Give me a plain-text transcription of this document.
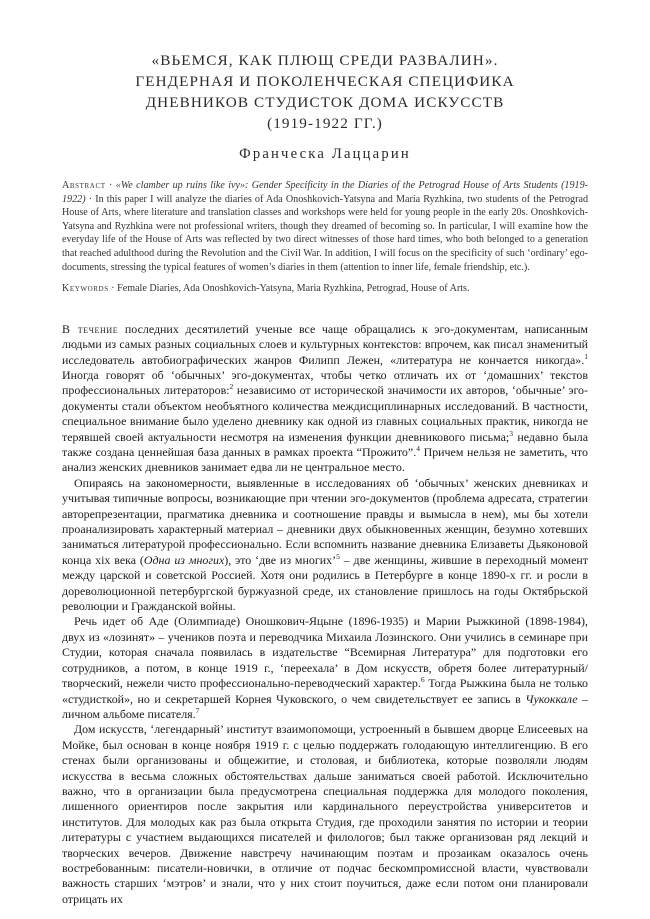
«ВЬЕМСЯ, КАК ПЛЮЩ СРЕДИ РАЗВАЛИН».
ГЕНДЕРНАЯ И ПОКОЛЕНЧЕСКАЯ СПЕЦИФИКА
ДНЕВНИКОВ СТУДИСТОК ДОМА ИСКУССТВ
(1919-1922 ГГ.)
Франческа Лаццарин
Abstract · «We clamber up ruins like ivy»: Gender Specificity in the Diaries of the Petrograd House of Arts Students (1919-1922) · In this paper I will analyze the diaries of Ada Onoshkovich-Yatsyna and Maria Ryzhkina, two students of the Petrograd House of Arts, where literature and translation classes and workshops were held for young people in the early 20s. Onoshkovich-Yatsyna and Ryzhkina were not professional writers, though they dreamed of becoming so. In particular, I will examine how the everyday life of the House of Arts was reflected by two direct witnesses of those hard times, who both belonged to a generation that reached adulthood during the Revolution and the Civil War. In addition, I will focus on the specificity of such ‘ordinary’ ego-documents, stressing the typical features of women’s diaries in them (attention to inner life, female friendship, etc.).
Keywords · Female Diaries, Ada Onoshkovich-Yatsyna, Maria Ryzhkina, Petrograd, House of Arts.

В течение последних десятилетий ученые все чаще обращались к эго-документам, написанным людьми из самых разных социальных слоев и культурных контекстов: впрочем, как писал знаменитый исследователь автобиографических жанров Филипп Лежен, «литература не кончается никогда».$^1$ Иногда говорят об ‘обычных’ эго-документах, чтобы четко отличать их от ‘домашних’ текстов профессиональных литераторов:$^2$ независимо от исторической значимости их авторов, ‘обычные’ эго-документы стали объектом необъятного количества междисциплинарных исследований. В частности, специальное внимание было уделено дневнику как одной из главных социальных практик, никогда не терявшей своей актуальности несмотря на изменения функции дневникового письма;$^3$ недавно была также создана ценнейшая база данных в рамках проекта “Прожито”.$^4$ Причем нельзя не заметить, что анализ женских дневников занимает едва ли не центральное место.

Опираясь на закономерности, выявленные в исследованиях об ‘обычных’ женских дневниках и учитывая типичные вопросы, возникающие при чтении эго-документов (проблема адресата, стратегии авторепрезентации, прагматика дневника и соотношение правды и вымысла в нем), мы бы хотели проанализировать характерный материал – дневники двух обыкновенных женщин, безумно хотевших заниматься литературой профессионально. Если вспомнить название дневника Елизаветы Дьяконовой конца xix века (Одна из многих), это ‘две из многих’$^5$ – две женщины, жившие в переходный момент между царской и советской Россией. Хотя они родились в Петербурге в конце 1890-х гг. и росли в дореволюционной петербургской буржуазной среде, их становление пришлось на годы Октябрьской революции и Гражданской войны.

Речь идет об Аде (Олимпиаде) Оношкович-Яцыне (1896-1935) и Марии Рыжкиной (1898-1984), двух из «лозинят» – учеников поэта и переводчика Михаила Лозинского. Они учились в семинаре при Студии, которая сначала появилась в издательстве “Всемирная Литература” для подготовки его сотрудников, а потом, в конце 1919 г., ‘переехала’ в Дом искусств, обретя более литературный/творческий, нежели чисто профессионально-переводческий характер.$^6$ Тогда Рыжкина была не только «студисткой», но и секретаршей Корнея Чуковского, о чем свидетельствует ее запись в Чукоккале – личном альбоме писателя.$^7$

Дом искусств, ‘легендарный’ институт взаимопомощи, устроенный в бывшем дворце Елисеевых на Мойке, был основан в конце ноября 1919 г. с целью поддержать голодающую интеллигенцию. В его стенах были организованы и общежитие, и столовая, и библиотека, которые позволяли людям искусства в весьма сложных обстоятельствах дальше заниматься своей работой. Исключительно важно, что в организации была предусмотрена специальная поддержка для молодого поколения, лишенного ориентиров после закрытия или кардинального переустройства университетов и институтов. Для молодых как раз была открыта Студия, где проходили занятия по истории и теории литературы с участием выдающихся писателей и филологов; был также организован ряд лекций и творческих вечеров. Движение навстречу начинающим поэтам и прозаикам оказалось очень востребованным: писатели-новички, в отличие от подчас бескомпромиссной власти, чувствовали важность старших ‘мэтров’ и знали, что у них стоит поучиться, даже если потом они планировали отрицать их
